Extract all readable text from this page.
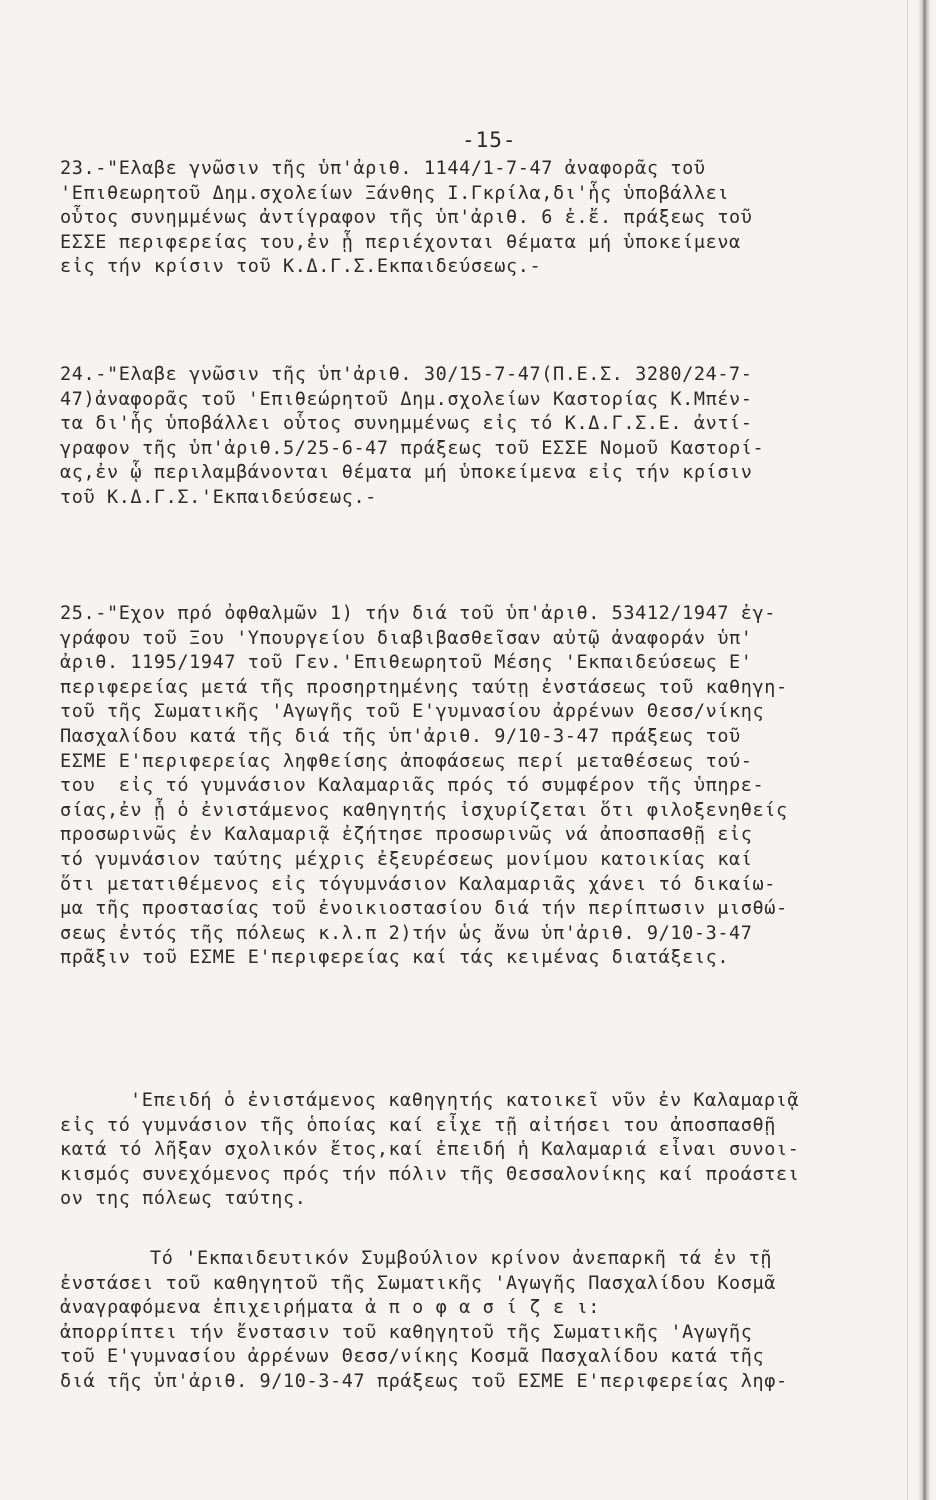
-15-
23.-"Ελαβε γνῶσιν τῆς ὑπ'ἀριθ. 1144/1-7-47 ἀναφορᾶς τοῦ
'Επιθεωρητοῦ Δημ.σχολείων Ξάνθης Ι.Γκρίλα,δι'ἧς ὑποβάλλει
οὗτος συνημμένως ἀντίγραφον τῆς ὑπ'ἀριθ. 6 ἐ.ἔ. πράξεως τοῦ
ΕΣΣΕ περιφερείας του,ἐν ᾗ περιέχονται θέματα μή ὑποκείμενα
εἰς τήν κρίσιν τοῦ Κ.Δ.Γ.Σ.Εκπαιδεύσεως.-
24.-"Ελαβε γνῶσιν τῆς ὑπ'ἀριθ. 30/15-7-47(Π.Ε.Σ. 3280/24-7-
47)ἀναφορᾶς τοῦ 'Επιθεώρητοῦ Δημ.σχολείων Καστορίας Κ.Μπέν-
τα δι'ἧς ὑποβάλλει οὗτος συνημμένως εἰς τό Κ.Δ.Γ.Σ.Ε. ἀντί-
γραφον τῆς ὑπ'ἀριθ.5/25-6-47 πράξεως τοῦ ΕΣΣΕ Νομοῦ Καστορί-
ας,ἐν ᾧ περιλαμβάνονται θέματα μή ὑποκείμενα εἰς τήν κρίσιν
τοῦ Κ.Δ.Γ.Σ.'Εκπαιδεύσεως.-
25.-"Εχον πρό ὀφθαλμῶν 1) τήν διά τοῦ ὑπ'ἀριθ. 53412/1947 ἐγ-
γράφου τοῦ Ξου 'Υπουργείου διαβιβασθεῖσαν αὐτῷ ἀναφοράν ὑπ'
ἀριθ. 1195/1947 τοῦ Γεν.'Επιθεωρητοῦ Μέσης 'Εκπαιδεύσεως Ε'
περιφερείας μετά τῆς προσηρτημένης ταύτῃ ἐνστάσεως τοῦ καθηγη-
τοῦ τῆς Σωματικῆς 'Αγωγῆς τοῦ Ε'γυμνασίου ἀρρένων Θεσσ/νίκης
Πασχαλίδου κατά τῆς διά τῆς ὑπ'ἀριθ. 9/10-3-47 πράξεως τοῦ
ΕΣΜΕ Ε'περιφερείας ληφθείσης ἀποφάσεως περί μεταθέσεως τού-
του  εἰς τό γυμνάσιον Καλαμαριᾶς πρός τό συμφέρον τῆς ὑπηρε-
σίας,ἐν ᾗ ὁ ἐνιστάμενος καθηγητής ἰσχυρίζεται ὅτι φιλοξενηθείς
προσωρινῶς ἐν Καλαμαριᾷ ἐζήτησε προσωρινῶς νά ἀποσπασθῇ εἰς
τό γυμνάσιον ταύτης μέχρις ἐξευρέσεως μονίμου κατοικίας καί
ὅτι μετατιθέμενος εἰς τόγυμνάσιον Καλαμαριᾶς χάνει τό δικαίω-
μα τῆς προστασίας τοῦ ἐνοικιοστασίου διά τήν περίπτωσιν μισθώ-
σεως ἐντός τῆς πόλεως κ.λ.π 2)τήν ὡς ἄνω ὑπ'ἀριθ. 9/10-3-47
πρᾶξιν τοῦ ΕΣΜΕ Ε'περιφερείας καί τάς κειμένας διατάξεις.
'Επειδή ὁ ἐνιστάμενος καθηγητής κατοικεῖ νῦν ἐν Καλαμαριᾷ
εἰς τό γυμνάσιον τῆς ὁποίας καί εἶχε τῇ αἰτήσει του ἀποσπασθῇ
κατά τό λῆξαν σχολικόν ἔτος,καί ἐπειδή ἡ Καλαμαριά εἶναι συνοι-
κισμός συνεχόμενος πρός τήν πόλιν τῆς Θεσσαλονίκης καί προάστει
ον της πόλεως ταύτης.
Τό 'Εκπαιδευτικόν Συμβούλιον κρίνον ἀνεπαρκῆ τά ἐν τῇ
ἐνστάσει τοῦ καθηγητοῦ τῆς Σωματικῆς 'Αγωγῆς Πασχαλίδου Κοσμᾶ
ἀναγραφόμενα ἐπιχειρήματα ἀ π ο φ α σ ί ζ ε ι:
ἀπορρίπτει τήν ἔνστασιν τοῦ καθηγητοῦ τῆς Σωματικῆς 'Αγωγῆς
τοῦ Ε'γυμνασίου ἀρρένων Θεσσ/νίκης Κοσμᾶ Πασχαλίδου κατά τῆς
διά τῆς ὑπ'ἀριθ. 9/10-3-47 πράξεως τοῦ ΕΣΜΕ Ε'περιφερείας ληφ-
